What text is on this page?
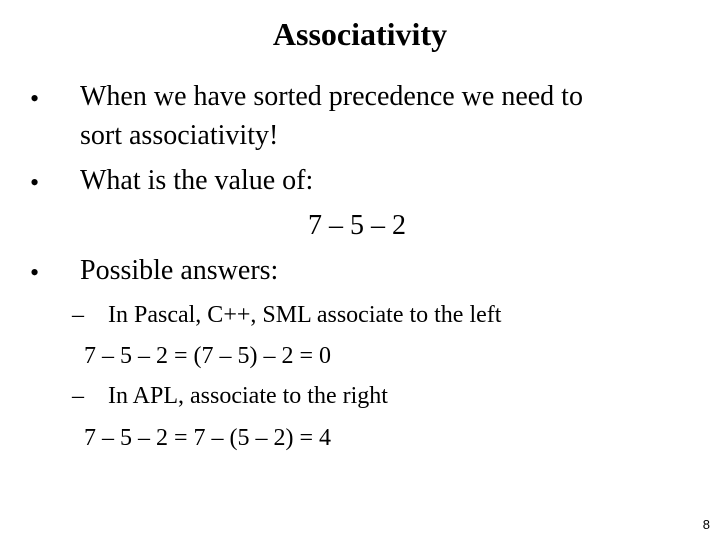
Associativity
• When we have sorted precedence we need to
sort associativity!
• What is the value of:
7 – 5 – 2
• Possible answers:
– In Pascal, C++, SML associate to the left
7 – 5 – 2 = (7 – 5) – 2 = 0
– In APL, associate to the right
7 – 5 – 2 = 7 – (5 – 2) = 4
8
